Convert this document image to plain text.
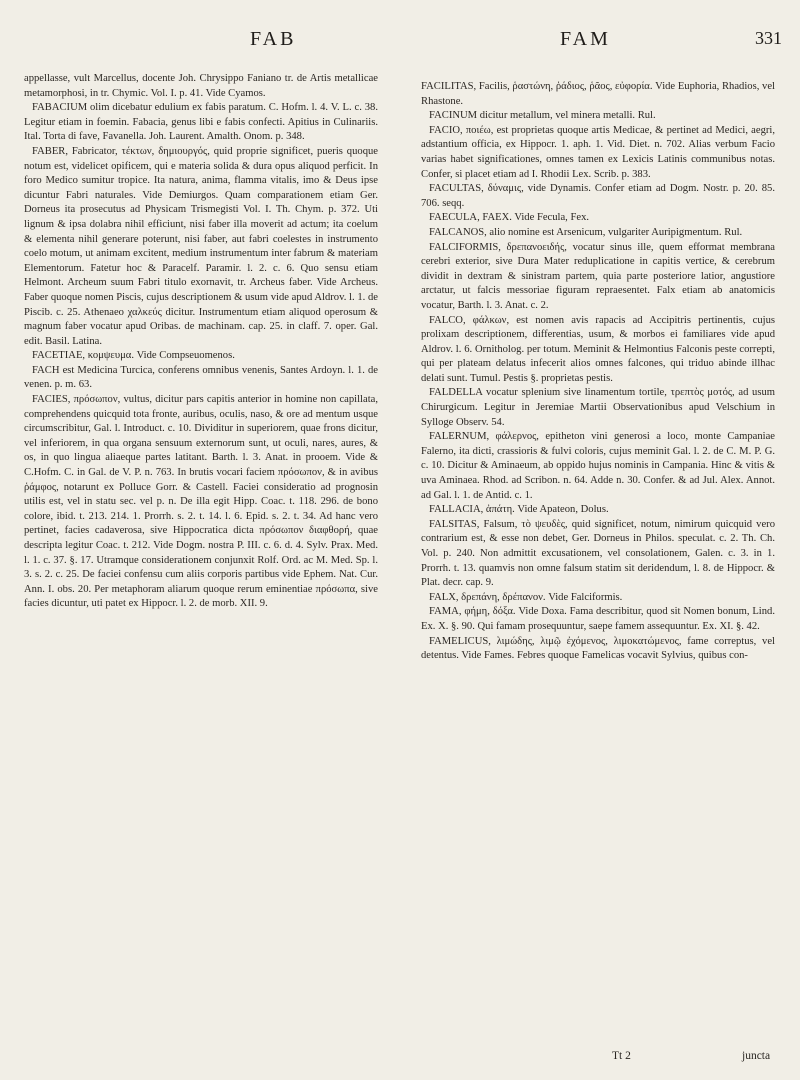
FAB	FAM	331

appellasse, vult Marcellus, docente Joh. Chrysippo Faniano tr. de Artis metallicae metamorphosi, in tr. Chymic. Vol. I. p. 41. Vide Cyamos.

FABACIUM olim dicebatur edulium ex fabis paratum. C. Hofm. l. 4. V. L. c. 38. Legitur etiam in foemin. Fabacia, genus libi e fabis confecti. Apitius in Culinariis. Ital. Torta di fave, Favanella. Joh. Laurent. Amalth. Onom. p. 348.

FABER, Fabricator, τέκτων, δημιουργός, quid proprie significet, pueris quoque notum est, videlicet opificem, qui e materia solida & dura opus aliquod perficit. In foro Medico sumitur tropice. Ita natura, anima, flamma vitalis, imo & Deus ipse dicuntur Fabri naturales. Vide Demiurgos. Quam comparationem etiam Ger. Dorneus ita prosecutus ad Physicam Trismegisti Vol. I. Th. Chym. p. 372. Uti lignum & ipsa dolabra nihil efficiunt, nisi faber illa moverit ad actum; ita coelum & elementa nihil generare poterunt, nisi faber, aut fabri coelestes in instrumento coelo motum, ut animam excitent, medium instrumentum inter fabrum & materiam Elementorum. Fatetur hoc & Paracelf. Paramir. l. 2. c. 6. Quo sensu etiam Helmont. Archeum suum Fabri titulo exornavit, tr. Archeus faber. Vide Archeus. Faber quoque nomen Piscis, cujus descriptionem & usum vide apud Aldrov. l. 1. de Piscib. c. 25. Athenaeo χαλκεύς dicitur. Instrumentum etiam aliquod operosum & magnum faber vocatur apud Oribas. de machinam. cap. 25. in claff. 7. oper. Gal. edit. Basil. Latina.

FACETIAE, κομψευμα. Vide Compseuomenos.

FACH est Medicina Turcica, conferens omnibus venenis, Santes Ardoyn. l. 1. de venen. p. m. 63.

FACIES, πρόσωπον, vultus, dicitur pars capitis anterior in homine non capillata, comprehendens quicquid tota fronte, auribus, oculis, naso, & ore ad mentum usque circumscribitur, Gal. l. Introduct. c. 10. Dividitur in superiorem, quae frons dicitur, vel inferiorem, in qua organa sensuum externorum sunt, ut oculi, nares, aures, & os, in quo lingua aliaeque partes latitant. Barth. l. 3. Anat. in prooem. Vide & C.Hofm. C. in Gal. de V. P. n. 763. In brutis vocari faciem πρόσωπον, & in avibus ῥάμφος, notarunt ex Polluce Gorr. & Castell. Faciei consideratio ad prognosin utilis est, vel in statu sec. vel p. n. De illa egit Hipp. Coac. t. 118. 296. de bono colore, ibid. t. 213. 214. 1. Prorrh. s. 2. t. 14. l. 6. Epid. s. 2. t. 34. Ad hanc vero pertinet, facies cadaverosa, sive Hippocratica dicta πρόσωπον διαφθορή, quae descripta legitur Coac. t. 212. Vide Dogm. nostra P. III. c. 6. d. 4. Sylv. Prax. Med. l. 1. c. 37. §. 17. Utramque considerationem conjunxit Rolf. Ord. ac M. Med. Sp. l. 3. s. 2. c. 25. De faciei confensu cum aliis corporis partibus vide Ephem. Nat. Cur. Ann. I. obs. 20. Per metaphoram aliarum quoque rerum eminentiae πρόσωπα, sive facies dicuntur, uti patet ex Hippocr. l. 2. de morb. XII. 9.

FACILITAS, Facilis, ῥαστώνη, ῥάδιος, ῥᾶος, εὐφορία. Vide Euphoria, Rhadios, vel Rhastone.

FACINUM dicitur metallum, vel minera metalli. Rul.

FACIO, ποιέω, est proprietas quoque artis Medicae, & pertinet ad Medici, aegri, adstantium officia, ex Hippocr. 1. aph. 1. Vid. Diet. n. 702. Alias verbum Facio varias habet significationes, omnes tamen ex Lexicis Latinis communibus notas. Confer, si placet etiam ad I. Rhodii Lex. Scrib. p. 383.

FACULTAS, δύναμις, vide Dynamis. Confer etiam ad Dogm. Nostr. p. 20. 85. 706. seqq.

FAECULA, FAEX. Vide Fecula, Fex.

FALCANOS, alio nomine est Arsenicum, vulgariter Auripigmentum. Rul.

FALCIFORMIS, δρεπανοειδής, vocatur sinus ille, quem efformat membrana cerebri exterior, sive Dura Mater reduplicatione in capitis vertice, & cerebrum dividit in dextram & sinistram partem, quia parte posteriore latior, angustiore arctatur, ut falcis messoriae figuram repraesentet. Falx etiam ab anatomicis vocatur, Barth. l. 3. Anat. c. 2.

FALCO, φάλκων, est nomen avis rapacis ad Accipitris pertinentis, cujus prolixam descriptionem, differentias, usum, & morbos ei familiares vide apud Aldrov. l. 6. Ornitholog. per totum. Meminit & Helmontius Falconis peste correpti, qui per plateam delatus infecerit alios omnes falcones, qui triduo abinde illhac delati sunt. Tumul. Pestis §. proprietas pestis.

FALDELLA vocatur splenium sive linamentum tortile, τρεπτὸς μοτός, ad usum Chirurgicum. Legitur in Jeremiae Martii Observationibus apud Velschium in Sylloge Observ. 54.

FALERNUM, φάλερνος, epitheton vini generosi a loco, monte Campaniae Falerno, ita dicti, crassioris & fulvi coloris, cujus meminit Gal. l. 2. de C. M. P. G. c. 10. Dicitur & Aminaeum, ab oppido hujus nominis in Campania. Hinc & vitis & uva Aminaea. Rhod. ad Scribon. n. 64. Adde n. 30. Confer. & ad Jul. Alex. Annot. ad Gal. l. 1. de Antid. c. 1.

FALLACIA, ἀπάτη. Vide Apateon, Dolus.

FALSITAS, Falsum, τὸ ψευδὲς, quid significet, notum, nimirum quicquid vero contrarium est, & esse non debet, Ger. Dorneus in Philos. speculat. c. 2. Th. Ch. Vol. p. 240. Non admittit excusationem, vel consolationem, Galen. c. 3. in 1. Prorrh. t. 13. quamvis non omne falsum statim sit deridendum, l. 8. de Hippocr. & Plat. decr. cap. 9.

FALX, δρεπάνη, δρέπανον. Vide Falciformis.

FAMA, φήμη, δόξα. Vide Doxa. Fama describitur, quod sit Nomen bonum, Lind. Ex. X. §. 90. Qui famam prosequuntur, saepe famem assequuntur. Ex. XI. §. 42.

FAMELICUS, λιμώδης, λιμῷ ἐχόμενος, λιμοκατώμενος, fame correptus, vel detentus. Vide Fames. Febres quoque Famelicas vocavit Sylvius, quibus con-

Tt 2	juncta
